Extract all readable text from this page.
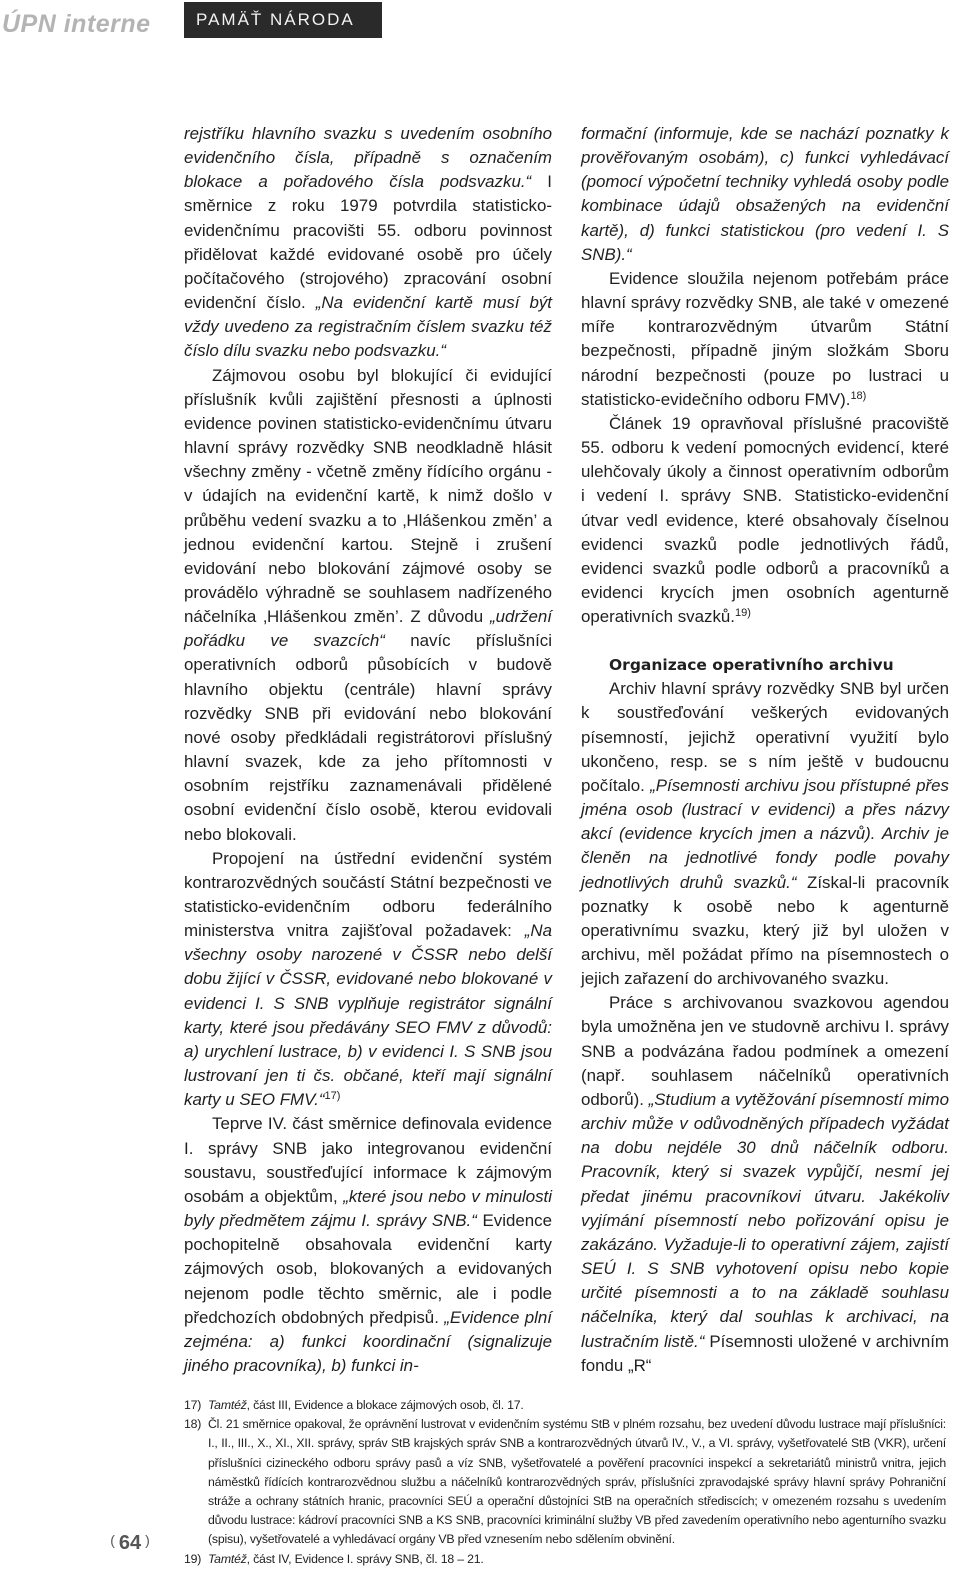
ÚPN interne	PAMÄŤ NÁRODA

rejstříku hlavního svazku s uvedením osobního evidenčního čísla, případně s označením blokace a pořadového čísla podsvazku.“ I směrnice z roku 1979 potvrdila statisticko-evidenčnímu pracovišti 55. odboru povinnost přidělovat každé evidované osobě pro účely počítačového (strojového) zpracování osobní evidenční číslo. „Na evidenční kartě musí být vždy uvedeno za registračním číslem svazku též číslo dílu svazku nebo podsvazku.“

Zájmovou osobu byl blokující či evidující příslušník kvůli zajištění přesnosti a úplnosti evidence povinen statisticko-evidenčnímu útvaru hlavní správy rozvědky SNB neodkladně hlásit všechny změny - včetně změny řídícího orgánu - v údajích na evidenční kartě, k nimž došlo v průběhu vedení svazku a to ‚Hlášenkou změn’ a jednou evidenční kartou. Stejně i zrušení evidování nebo blokování zájmové osoby se provádělo výhradně se souhlasem nadřízeného náčelníka ‚Hlášenkou změn’. Z důvodu „udržení pořádku ve svazcích“ navíc příslušníci operativních odborů působících v budově hlavního objektu (centrále) hlavní správy rozvědky SNB při evidování nebo blokování nové osoby předkládali registrátorovi příslušný hlavní svazek, kde za jeho přítomnosti v osobním rejstříku zaznamenávali přidělené osobní evidenční číslo osobě, kterou evidovali nebo blokovali.

Propojení na ústřední evidenční systém kontrarozvědných součástí Státní bezpečnosti ve statisticko-evidenčním odboru federálního ministerstva vnitra zajišťoval požadavek: „Na všechny osoby narozené v ČSSR nebo delší dobu žijící v ČSSR, evidované nebo blokované v evidenci I. S SNB vyplňuje registrátor signální karty, které jsou předávány SEO FMV z důvodů: a) urychlení lustrace, b) v evidenci I. S SNB jsou lustrovaní jen ti čs. občané, kteří mají signální karty u SEO FMV.“$^{17)}$

Teprve IV. část směrnice definovala evidence I. správy SNB jako integrovanou evidenční soustavu, soustřeďující informace k zájmovým osobám a objektům, „které jsou nebo v minulosti byly předmětem zájmu I. správy SNB.“ Evidence pochopitelně obsahovala evidenční karty zájmových osob, blokovaných a evidovaných nejenom podle těchto směrnic, ale i podle předchozích obdobných předpisů. „Evidence plní zejména: a) funkci koordinační (signalizuje jiného pracovníka), b) funkci in-

formační (informuje, kde se nachází poznatky k prověřovaným osobám), c) funkci vyhledávací (pomocí výpočetní techniky vyhledá osoby podle kombinace údajů obsažených na evidenční kartě), d) funkci statistickou (pro vedení I. S SNB).“

Evidence sloužila nejenom potřebám práce hlavní správy rozvědky SNB, ale také v omezené míře kontrarozvědným útvarům Státní bezpečnosti, případně jiným složkám Sboru národní bezpečnosti (pouze po lustraci u statisticko-evidečního odboru FMV).$^{18)}$

Článek 19 opravňoval příslušné pracoviště 55. odboru k vedení pomocných evidencí, které ulehčovaly úkoly a činnost operativním odborům i vedení I. správy SNB. Statisticko-evidenční útvar vedl evidence, které obsahovaly číselnou evidenci svazků podle jednotlivých řádů, evidenci svazků podle odborů a pracovníků a evidenci krycích jmen osobních agenturně operativních svazků.$^{19)}$

Organizace operativního archivu

Archiv hlavní správy rozvědky SNB byl určen k soustřeďování veškerých evidovaných písemností, jejichž operativní využití bylo ukončeno, resp. se s ním ještě v budoucnu počítalo. „Písemnosti archivu jsou přístupné přes jména osob (lustrací v evidenci) a přes názvy akcí (evidence krycích jmen a názvů). Archiv je členěn na jednotlivé fondy podle povahy jednotlivých druhů svazků.“ Získal-li pracovník poznatky k osobě nebo k agenturně operativnímu svazku, který již byl uložen v archivu, měl požádat přímo na písemnostech o jejich zařazení do archivovaného svazku.

Práce s archivovanou svazkovou agendou byla umožněna jen ve studovně archivu I. správy SNB a podvázána řadou podmínek a omezení (např. souhlasem náčelníků operativních odborů). „Studium a vytěžování písemností mimo archiv může v odůvodněných případech vyžádat na dobu nejdéle 30 dnů náčelník odboru. Pracovník, který si svazek vypůjčí, nesmí jej předat jinému pracovníkovi útvaru. Jakékoliv vyjímání písemností nebo pořizování opisu je zakázáno. Vyžaduje-li to operativní zájem, zajistí SEÚ I. S SNB vyhotovení opisu nebo kopie určité písemnosti a to na základě souhlasu náčelníka, který dal souhlas k archivaci, na lustračním listě.“ Písemnosti uložené v archivním fondu „R“

17) Tamtéž, část III, Evidence a blokace zájmových osob, čl. 17.
18) Čl. 21 směrnice opakoval, že oprávnění lustrovat v evidenčním systému StB v plném rozsahu, bez uvedení důvodu lustrace mají příslušníci: I., II., III., X., XI., XII. správy, správ StB krajských správ SNB a kontrarozvědných útvarů IV., V., a VI. správy, vyšetřovatelé StB (VKR), určení příslušníci cizineckého odboru správy pasů a víz SNB, vyšetřovatelé a pověření pracovníci inspekcí a sekretariátů ministrů vnitra, jejich náměstků řídících kontrarozvědnou službu a náčelníků kontrarozvědných správ, příslušníci zpravodajské správy hlavní správy Pohraniční stráže a ochrany státních hranic, pracovníci SEÚ a operační důstojníci StB na operačních střediscích; v omezeném rozsahu s uvedením důvodu lustrace: kádroví pracovníci SNB a KS SNB, pracovníci kriminální služby VB před zavedením operativního nebo agenturního svazku (spisu), vyšetřovatelé a vyhledávací orgány VB před vznesením nebo sdělením obvinění.
19) Tamtéž, část IV, Evidence I. správy SNB, čl. 18 – 21.
( 64 )
